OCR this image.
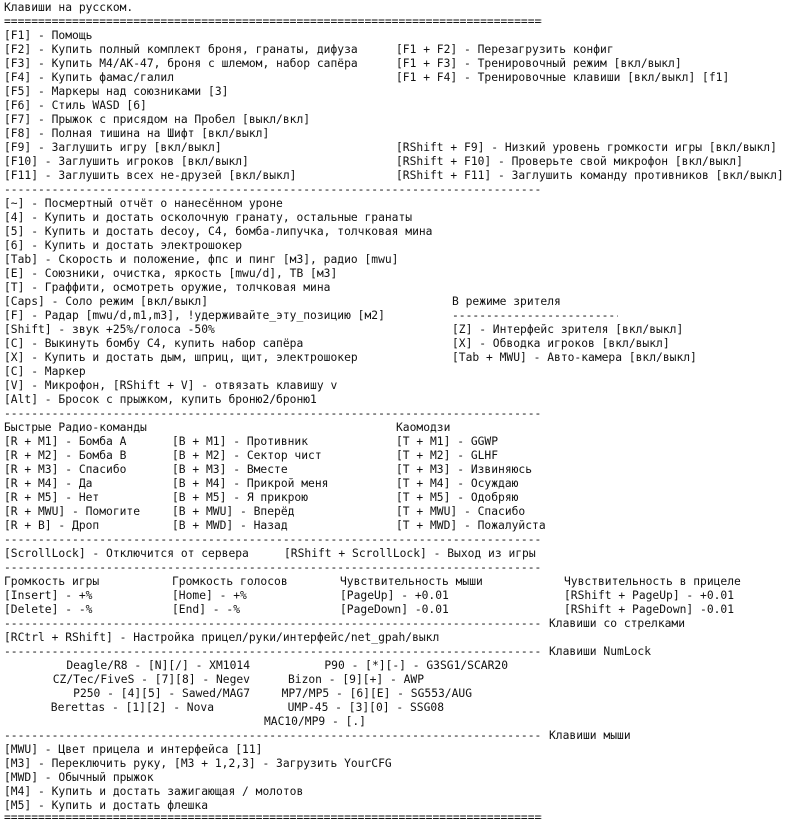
Клавиши на русском.
=====
[F1] - Помощь
[F2] - Купить полный комплект броня, гранаты, дифуза	[F1 + F2] - Перезагрузить конфиг
[F3] - Купить M4/AK-47, броня с шлемом, набор сапёра	[F1 + F3] - Тренировочный режим [вкл/выкл]
[F4] - Купить фамас/галил	[F1 + F4] - Тренировочные клавиши [вкл/выкл] [f1]
[F5] - Маркеры над союзниками [3]
[F6] - Стиль WASD [6]
[F7] - Прыжок с присядом на Пробел [выкл/вкл]
[F8] - Полная тишина на Шифт [вкл/выкл]
[F9] - Заглушить игру [вкл/выкл]	[RShift + F9] - Низкий уровень громкости игры [вкл/выкл]
[F10] - Заглушить игроков [вкл/выкл]	[RShift + F10] - Проверьте свой микрофон [вкл/выкл]
[F11] - Заглушить всех не-друзей [вкл/выкл]	[RShift + F11] - Заглушить команду противников [вкл/выкл]
-----
[~] - Посмертный отчёт о нанесённом уроне
[4] - Купить и достать осколочную гранату, остальные гранаты
[5] - Купить и достать decoy, C4, бомба-липучка, толчковая мина
[6] - Купить и достать электрошокер
[Tab] - Скорость и положение, фпс и пинг [м3], радио [mwu]
[E] - Союзники, очистка, яркость [mwu/d], ТВ [м3]
[T] - Граффити, осмотреть оружие, толчковая мина
[Caps] - Соло режим [вкл/выкл]	В режиме зрителя
-----
[F] - Радар [mwu/d,m1,m3], !удерживайте_эту_позицию [м2]
[Shift] - звук +25%/голоса -50%	[Z] - Интерфейс зрителя [вкл/выкл]
[C] - Выкинуть бомбу C4, купить набор сапёра	[X] - Обводка игроков [вкл/выкл]
[X] - Купить и достать дым, шприц, щит, электрошокер	[Tab + MWU] - Авто-камера [вкл/выкл]
[C] - Маркер
[V] - Микрофон, [RShift + V] - отвязать клавишу v
[Alt] - Бросок с прыжком, купить броню2/броню1
-----
Быстрые Радио-команды	Каомодзи
[R + M1] - Бомба А	[B + M1] - Противник	[T + M1] - GGWP
[R + M2] - Бомба B	[B + M2] - Сектор чист	[T + M2] - GLHF
[R + M3] - Спасибо	[B + M3] - Вместе	[T + M3] - Извиняюсь
[R + M4] - Да	[B + M4] - Прикрой меня	[T + M4] - Осуждаю
[R + M5] - Нет	[B + M5] - Я прикрою	[T + M5] - Одобряю
[R + MWU] - Помогите	[B + MWU] - Вперёд	[T + MWU] - Спасибо
[R + B] - Дроп	[B + MWD] - Назад	[T + MWD] - Пожалуйста
-----
[ScrollLock] - Отключится от сервера	[RShift + ScrollLock] - Выход из игры
-----
Громкость игры	Громкость голосов	Чувствительность мыши	Чувствительность в прицеле
[Insert] - +%	[Home] - +%	[PageUp] - +0.01	[RShift + PageUp] - +0.01
[Delete] - -%	[End] - -%	[PageDown] -0.01	[RShift + PageDown] -0.01
-----
Клавиши со стрелками
[RCtrl + RShift] - Настройка прицел/руки/интерфейс/net_gpah/выкл
-----
Клавиши NumLock
Deagle/R8 - [N][/] - XM1014	P90 - [*][-] - G3SG1/SCAR20
CZ/Tec/FiveS - [7][8] - Negev	Bizon - [9][+] - AWP
P250 - [4][5] - Sawed/MAG7	MP7/MP5 - [6][E] - SG553/AUG
Berettas - [1][2] - Nova	UMP-45 - [3][0] - SSG08
MAC10/MP9 - [.]
-----
Клавиши мыши
[MWU] - Цвет прицела и интерфейса [11]
[M3] - Переключить руку, [M3 + 1,2,3] - Загрузить YourCFG
[MWD] - Обычный прыжок
[M4] - Купить и достать зажигающая / молотов
[M5] - Купить и достать флешка
=====
